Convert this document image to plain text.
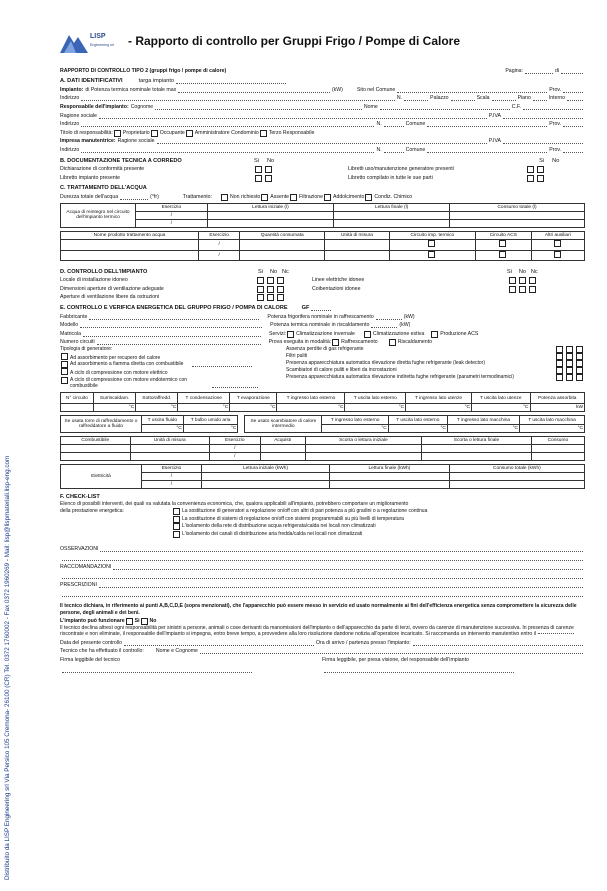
Distribuito da LISP Engineering srl Via Persico 105 Cremona- 26100 (CR) Tel. 0372 1760002 - Fax 0372 1960269 - Mail: lisp@lispmateriali.lisp-eng.com
LISP
Engineering srl - Rapporto di controllo per Gruppi Frigo / Pompe di Calore
RAPPORTO DI CONTROLLO TIPO 2 (gruppi frigo / pompe di calore)	Pagina:	di
A. DATI IDENTIFICATIVI	targa impianto
Impianto: di Potenza termica nominale totale max	(kW)	Sito nel Comune	Prov.
Indirizzo	N.	Palazzo	Scala	Piano	Interno
Responsabile dell'impianto: Cognome	Nome	C.F.
Ragione sociale	P.IVA
Indirizzo	N.	Comune	Prov.
Titolo di responsabilità: Proprietario Occupante Amministratore Condominio Terzo Responsabile
Impresa manutentrice: Ragione sociale	P.IVA
Indirizzo	N.	Comune	Prov.
B. DOCUMENTAZIONE TECNICA A CORREDO	Si	No	Si	No
Dichiarazione di conformità presente	Libretti uso/manutenzione generatore presenti
Libretto impianto presente	Libretto compilato in tutte le sue parti
C. TRATTAMENTO DELL'ACQUA
Durezza totale dell'acqua	(°fr)	Trattamento:	Non richiesto Assente Filtrazione Addolcimento Condiz. Chimico
Acqua di reintegro nel circuito dell'impianto termico	Esercizio	Lettura iniziale (l)	Lettura finale (l)	Consumo totale (l)
	/			
	/			
Nome prodotto trattamento acqua	Esercizio	Quantità consumata	Unità di misura	Circuito imp. termico	Circuito ACS	Altri ausiliari
	/					
	/					
D. CONTROLLO DELL'IMPIANTO	Si	No Nc	Si	No Nc
Locale di installazione idoneo	Linee elettriche idonee
Dimensioni aperture di ventilazione adeguate	Coibentazioni idonee
Aperture di ventilazione libere da ostruzioni
E. CONTROLLO E VERIFICA ENERGETICA DEL GRUPPO FRIGO / POMPA DI CALORE	GF
Fabbricante	Potenza frigorifera nominale in raffrescamento	(kW)
Modello	Potenza termica nominale in riscaldamento	(kW)
Matricola	Servizi: Climatizzazione invernale	Climatizzazione estiva	Produzione ACS
Numero circuiti	Prova eseguita in modalità: Raffrescamento	Riscaldamento
Tipologia di generatore:
Ad assorbimento per recupero del calore
Ad assorbimento a fiamma diretta con combustibile
A ciclo di compressione con motore elettrico
A ciclo di compressione con motore endotermico con combustibile
Assenza perdite di gas refrigerante
Filtri puliti
Presenza apparecchiatura automatica rilevazione diretta fughe refrigerante (leak detector)
Scambiatori di calore puliti e liberi da incrostazioni
Presenza apparecchiatura automatica rilevazione indiretta fughe refrigerante (parametri termodinamici)
N° circuito	Surriscaldam.	Sottoraffredd.	T condensazione	T evaporazione	T ingresso lato esterno	T uscita lato esterno	T ingresso lato utenze	T uscita lato utenze	Potenza assorbita
	°C	°C	°C	°C	°C	°C	°C	°C	kW
Se usata torre di raffreddamento o raffreddatore a fluido	T uscita fluido	T bulbo umido aria		Se usato scambiatore di calore intermedio	T ingresso lato esterno	T uscita lato esterno	T ingresso lato macchina	T uscita lato macchina
	°C	°C			°C	°C	°C	°C
Combustibile	Unità di misura	Esercizio	Acquisti	Scorta o lettura iniziale	Scorta o lettura finale	Consumo
		/				
		/				
Elettricità	Esercizio	Lettura iniziale (kWh)	Lettura finale (kWh)	Consumo totale (kWh)
	/			
	/			
F. CHECK-LIST
Elenco di possibili interventi, dei quali va valutata la convenienza economica, che, qualora applicabili all'impianto, potrebbero comportare un miglioramento
della prestazione energetica:	La sostituzione di generatori a regolazione on/off con altri di pari potenza a più gradini o a regolazione continua
La sostituzione di sistemi di regolazione on/off con sistemi programmabili su più livelli di temperatura
L'isolamento della rete di distribuzione acqua refrigerata/calda nei locali non climatizzati
L'isolamento dei canali di distribuzione aria fredda/calda nei locali non climatizzati
OSSERVAZIONI
RACCOMANDAZIONI
PRESCRIZIONI
Il tecnico dichiara, in riferimento ai punti A,B,C,D,E (sopra menzionati), che l'apparecchio può essere messo in servizio ed usato normalmente ai fini dell'efficienza energetica senza compromettere la sicurezza delle persone, degli animali e dei beni.
L'impianto può funzionare Si No
Il tecnico declina altresì ogni responsabilità per sinistri a persone, animali o cose derivanti da manomissioni dell'impianto o dell'apparecchio da parte di terzi, ovvero da carenze di manutenzione successiva. In presenza di carenze riscontrate e non eliminate, il responsabile dell'impianto si impegna, entro breve tempo, a provvedere alla loro risoluzione dandone notizia all'operatore incaricato. Si raccomanda un intervento manutentivo entro il
Data del presente controllo	Ora di arrivo / partenza presso l'impianto:
Tecnico che ha effettuato il controllo: Nome e Cognome
Firma leggibile del tecnico	Firma leggibile, per presa visione, del responsabile dell'impianto
